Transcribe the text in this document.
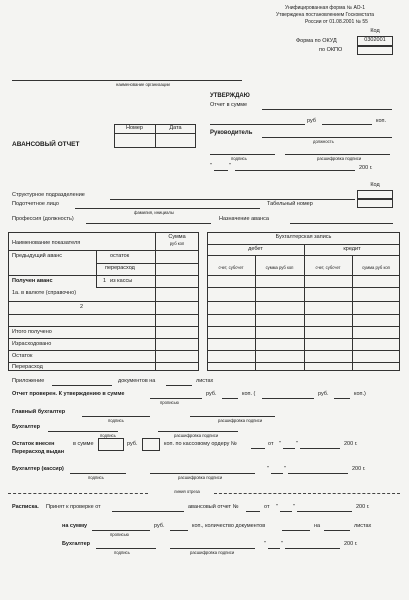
Унифицированная форма № АО-1
Утверждена постановлением Госкомстата
России от 01.08.2001 № 55
Код
0302001
Форма по ОКУД
по ОКПО
наименование организации
УТВЕРЖДАЮ
Отчет в сумме
руб	коп.
Руководитель
должность
подпись	расшифровка подписи
"	"	200 г.
АВАНСОВЫЙ ОТЧЕТ
Номер	Дата
Код
Структурное подразделение
Подотчетное лицо
фамилия, инициалы
Табельный номер
Профессия (должность)	Назначение аванса
Наименование показателя
Сумма
руб коп
Предыдущий аванс	остаток
перерасход
Получен аванс	1 из кассы
1а. в валюте (справочно)
2
Итого получено
Израсходовано
Остаток
Перерасход
Бухгалтерская запись
дебет	кредит
счет, субсчет	сумма руб коп	счет, субсчет	сумма руб коп
Приложение	документов на	листах
Отчет проверен. К утверждению в сумме	руб.	коп. (	руб.	коп.)
прописью
Главный бухгалтер
подпись	расшифровка подписи
Бухгалтер
подпись	расшифровка подписи
Остаток внесен
Перерасход выдан
в сумме	руб.	коп. по кассовому ордеру №	от "	"	200 г.
Бухгалтер (кассир)
подпись	расшифровка подписи
"	"	200 г.
линия отреза
Расписка. Принят к проверке от	авансовый отчет №	от "	"	200 г.
на сумму
прописью
руб.	коп., количество документов	на	листах
Бухгалтер
подпись	расшифровка подписи
"	"	200 г.
